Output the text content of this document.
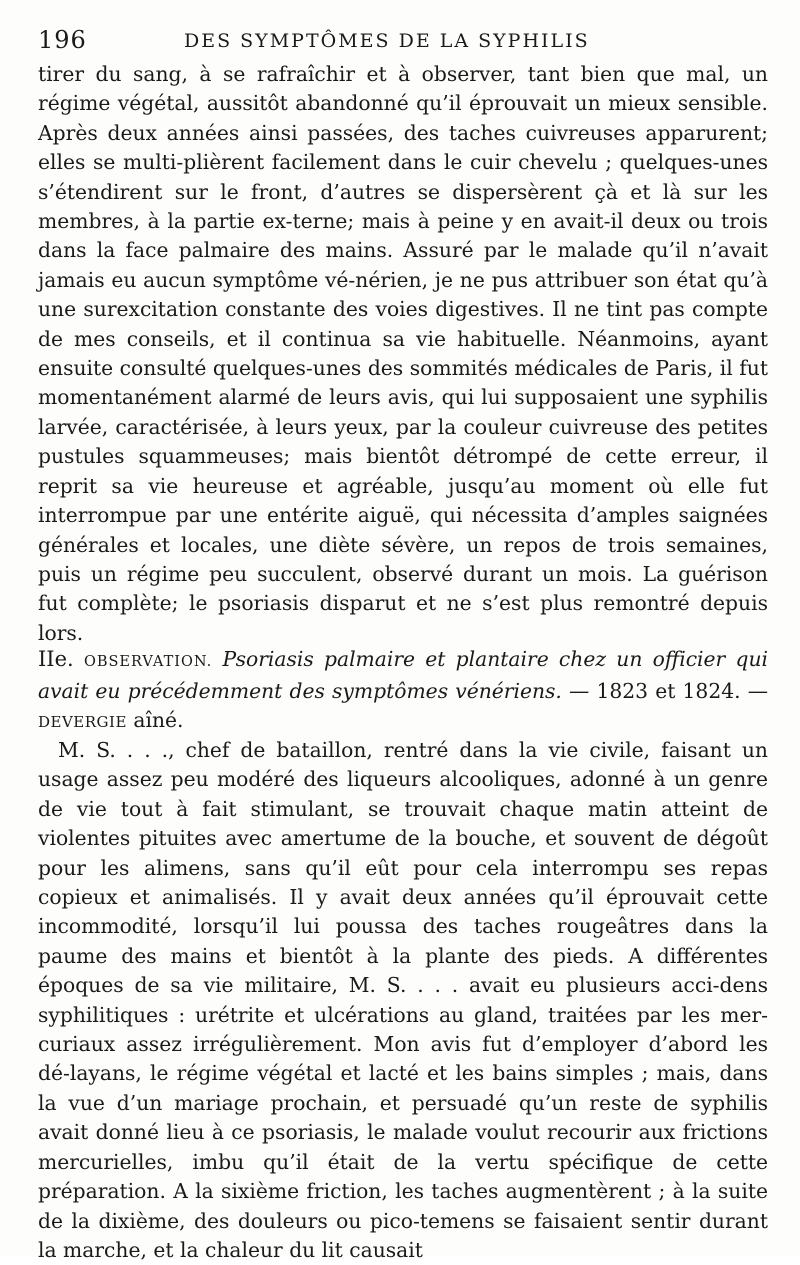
196	DES SYMPTÔMES DE LA SYPHILIS

tirer du sang, à se rafraîchir et à observer, tant bien que mal, un régime végétal, aussitôt abandonné qu’il éprouvait un mieux sensible. Après deux années ainsi passées, des taches cuivreuses apparurent; elles se multi-plièrent facilement dans le cuir chevelu ; quelques-unes s’étendirent sur le front, d’autres se dispersèrent çà et là sur les membres, à la partie ex-terne; mais à peine y en avait-il deux ou trois dans la face palmaire des mains. Assuré par le malade qu’il n’avait jamais eu aucun symptôme vé-nérien, je ne pus attribuer son état qu’à une surexcitation constante des voies digestives. Il ne tint pas compte de mes conseils, et il continua sa vie habituelle. Néanmoins, ayant ensuite consulté quelques-unes des sommités médicales de Paris, il fut momentanément alarmé de leurs avis, qui lui supposaient une syphilis larvée, caractérisée, à leurs yeux, par la couleur cuivreuse des petites pustules squammeuses; mais bientôt détrompé de cette erreur, il reprit sa vie heureuse et agréable, jusqu’au moment où elle fut interrompue par une entérite aiguë, qui nécessita d’amples saignées générales et locales, une diète sévère, un repos de trois semaines, puis un régime peu succulent, observé durant un mois. La guérison fut complète; le psoriasis disparut et ne s’est plus remontré depuis lors.

IIe. OBSERVATION. Psoriasis palmaire et plantaire chez un officier qui avait eu précédemment des symptômes vénériens. — 1823 et 1824. — DEVERGIE aîné.

M. S. . . ., chef de bataillon, rentré dans la vie civile, faisant un usage assez peu modéré des liqueurs alcooliques, adonné à un genre de vie tout à fait stimulant, se trouvait chaque matin atteint de violentes pituites avec amertume de la bouche, et souvent de dégoût pour les alimens, sans qu’il eût pour cela interrompu ses repas copieux et animalisés. Il y avait deux années qu’il éprouvait cette incommodité, lorsqu’il lui poussa des taches rougeâtres dans la paume des mains et bientôt à la plante des pieds. A différentes époques de sa vie militaire, M. S. . . . avait eu plusieurs acci-dens syphilitiques : urétrite et ulcérations au gland, traitées par les mer-curiaux assez irrégulièrement. Mon avis fut d’employer d’abord les dé-layans, le régime végétal et lacté et les bains simples ; mais, dans la vue d’un mariage prochain, et persuadé qu’un reste de syphilis avait donné lieu à ce psoriasis, le malade voulut recourir aux frictions mercurielles, imbu qu’il était de la vertu spécifique de cette préparation. A la sixième friction, les taches augmentèrent ; à la suite de la dixième, des douleurs ou pico-temens se faisaient sentir durant la marche, et la chaleur du lit causait
